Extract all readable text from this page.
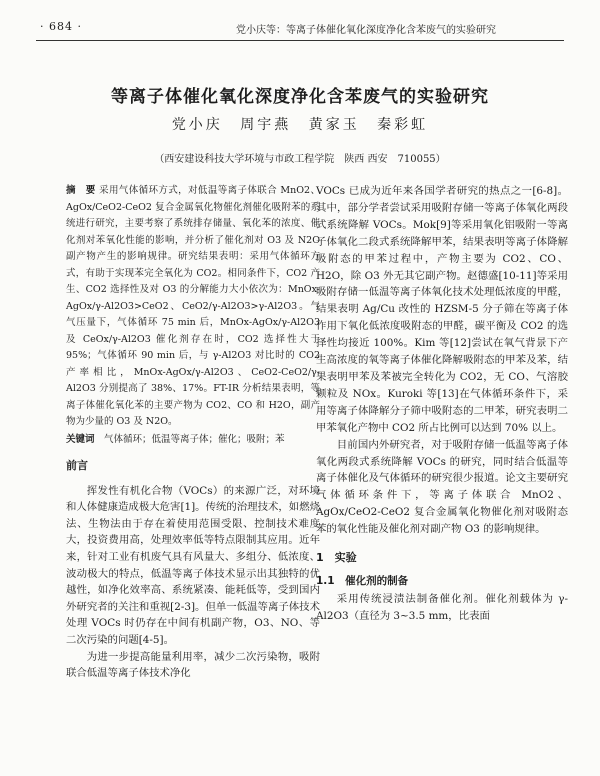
· 684 ·	党小庆等：等离子体催化氧化深度净化含苯废气的实验研究
等离子体催化氧化深度净化含苯废气的实验研究
党小庆 周宇燕 黄家玉 秦彩虹
（西安建设科技大学环境与市政工程学院　陕西 西安　710055）
摘　要 采用气体循环方式，对低温等离子体联合 MnO2、AgOx/CeO2-CeO2 复合金属氧化物催化剂催化吸附苯的系统进行研究，主要考察了系统排存储量、氧化苯的浓度、催化剂对苯氧化性能的影响，并分析了催化剂对 O3 及 N2O 副产物产生的影响规律。研究结果表明：采用气体循环方式，有助于实现苯完全氧化为 CO2。相同条件下，CO2 产生、CO2 选择性及对 O3 的分解能力大小依次为：MnOx-AgOx/γ-Al2O3>CeO2、CeO2/γ-Al2O3>γ-Al2O3。气气压量下，气体循环 75 min 后，MnOx-AgOx/γ-Al2O3 及 CeOx/γ-Al2O3 催化剂存在时，CO2 选择性大于 95%；气体循环 90 min 后，与 γ-Al2O3 对比时的 CO2 产率相比，MnOx-AgOx/γ-Al2O3、CeO2-CeO2/γ-Al2O3 分别提高了 38%、17%。FT-IR 分析结果表明，等离子体催化氧化苯的主要产物为 CO2、CO 和 H2O，副产物为少量的 O3 及 N2O。
关键词　 气体循环；低温等离子体；催化；吸附；苯
前言

挥发性有机化合物（VOCs）的来源广泛，对环境和人体健康造成极大危害[1]。传统的治理技术，如燃烧法、生物法由于存在着使用范围受限、控制技术难度大，投资费用高，处理效率低等特点限制其应用。近年来，针对工业有机废气具有风量大、多组分、低浓度、波动极大的特点，低温等离子体技术显示出其独特的优越性，如净化效率高、系统紧凑、能耗低等，受到国内外研究者的关注和重视[2-3]。但单一低温等离子体技术处理 VOCs 时仍存在中间有机副产物，O3、NO、等二次污染的问题[4-5]。

为进一步提高能量利用率，减少二次污染物，吸附联合低温等离子体技术净化

VOCs 已成为近年来各国学者研究的热点之一[6-8]。其中，部分学者尝试采用吸附存储一等离子体氧化两段式系统降解 VOCs。Mok[9]等采用氧化铝吸附一等离子体氧化二段式系统降解甲苯，结果表明等离子体降解吸附态的甲苯过程中，产物主要为 CO2、CO、H2O，除 O3 外无其它副产物。赵德盛[10-11]等采用吸附存储一低温等离子体氧化技术处理低浓度的甲醛，结果表明 Ag/Cu 改性的 HZSM-5 分子筛在等离子体作用下氧化低浓度吸附态的甲醛，碳平衡及 CO2 的选择性均接近 100%。Kim 等[12]尝试在氧气背景下产生高浓度的氧等离子体催化降解吸附态的甲苯及苯，结果表明甲苯及苯被完全转化为 CO2，无 CO、气溶胶颗粒及 NOx。Kuroki 等[13]在气体循环条件下，采用等离子体降解分子筛中吸附态的二甲苯，研究表明二甲苯氧化产物中 CO2 所占比例可以达到 70% 以上。

目前国内外研究者，对于吸附存储一低温等离子体氧化两段式系统降解 VOCs 的研究，同时结合低温等离子体催化及气体循环的研究很少报道。论文主要研究气体循环条件下，等离子体联合 MnO2、AgOx/CeO2-CeO2 复合金属氧化物催化剂对吸附态苯的氧化性能及催化剂对副产物 O3 的影响规律。

1　实验
1.1　催化剂的制备

采用传统浸渍法制备催化剂。催化剂载体为 γ-Al2O3（直径为 3~3.5 mm，比表面
